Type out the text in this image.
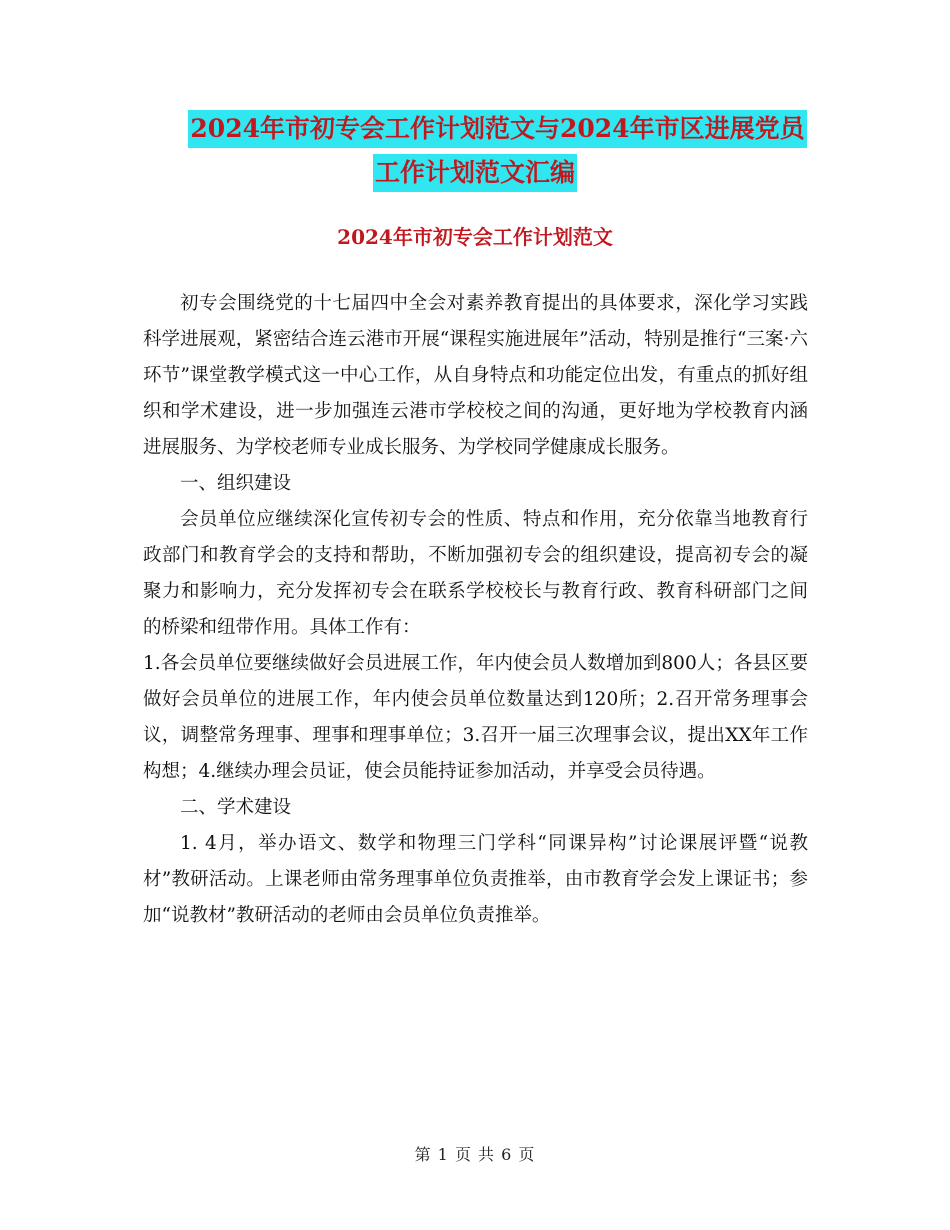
2024年市初专会工作计划范文与2024年市区进展党员
工作计划范文汇编
2024年市初专会工作计划范文

初专会围绕党的十七届四中全会对素养教育提出的具体要求，深化学习实践科学进展观，紧密结合连云港市开展“课程实施进展年”活动，特别是推行“三案·六环节”课堂教学模式这一中心工作，从自身特点和功能定位出发，有重点的抓好组织和学术建设，进一步加强连云港市学校校之间的沟通，更好地为学校教育内涵进展服务、为学校老师专业成长服务、为学校同学健康成长服务。

一、组织建设

会员单位应继续深化宣传初专会的性质、特点和作用，充分依靠当地教育行政部门和教育学会的支持和帮助，不断加强初专会的组织建设，提高初专会的凝聚力和影响力，充分发挥初专会在联系学校校长与教育行政、教育科研部门之间的桥梁和纽带作用。具体工作有：

1.各会员单位要继续做好会员进展工作，年内使会员人数增加到800人；各县区要做好会员单位的进展工作，年内使会员单位数量达到120所；2.召开常务理事会议，调整常务理事、理事和理事单位；3.召开一届三次理事会议，提出XX年工作构想；4.继续办理会员证，使会员能持证参加活动，并享受会员待遇。

二、学术建设

1. 4月，举办语文、数学和物理三门学科“同课异构”讨论课展评暨“说教材”教研活动。上课老师由常务理事单位负责推举，由市教育学会发上课证书；参加“说教材”教研活动的老师由会员单位负责推举。

第 1 页 共 6 页
